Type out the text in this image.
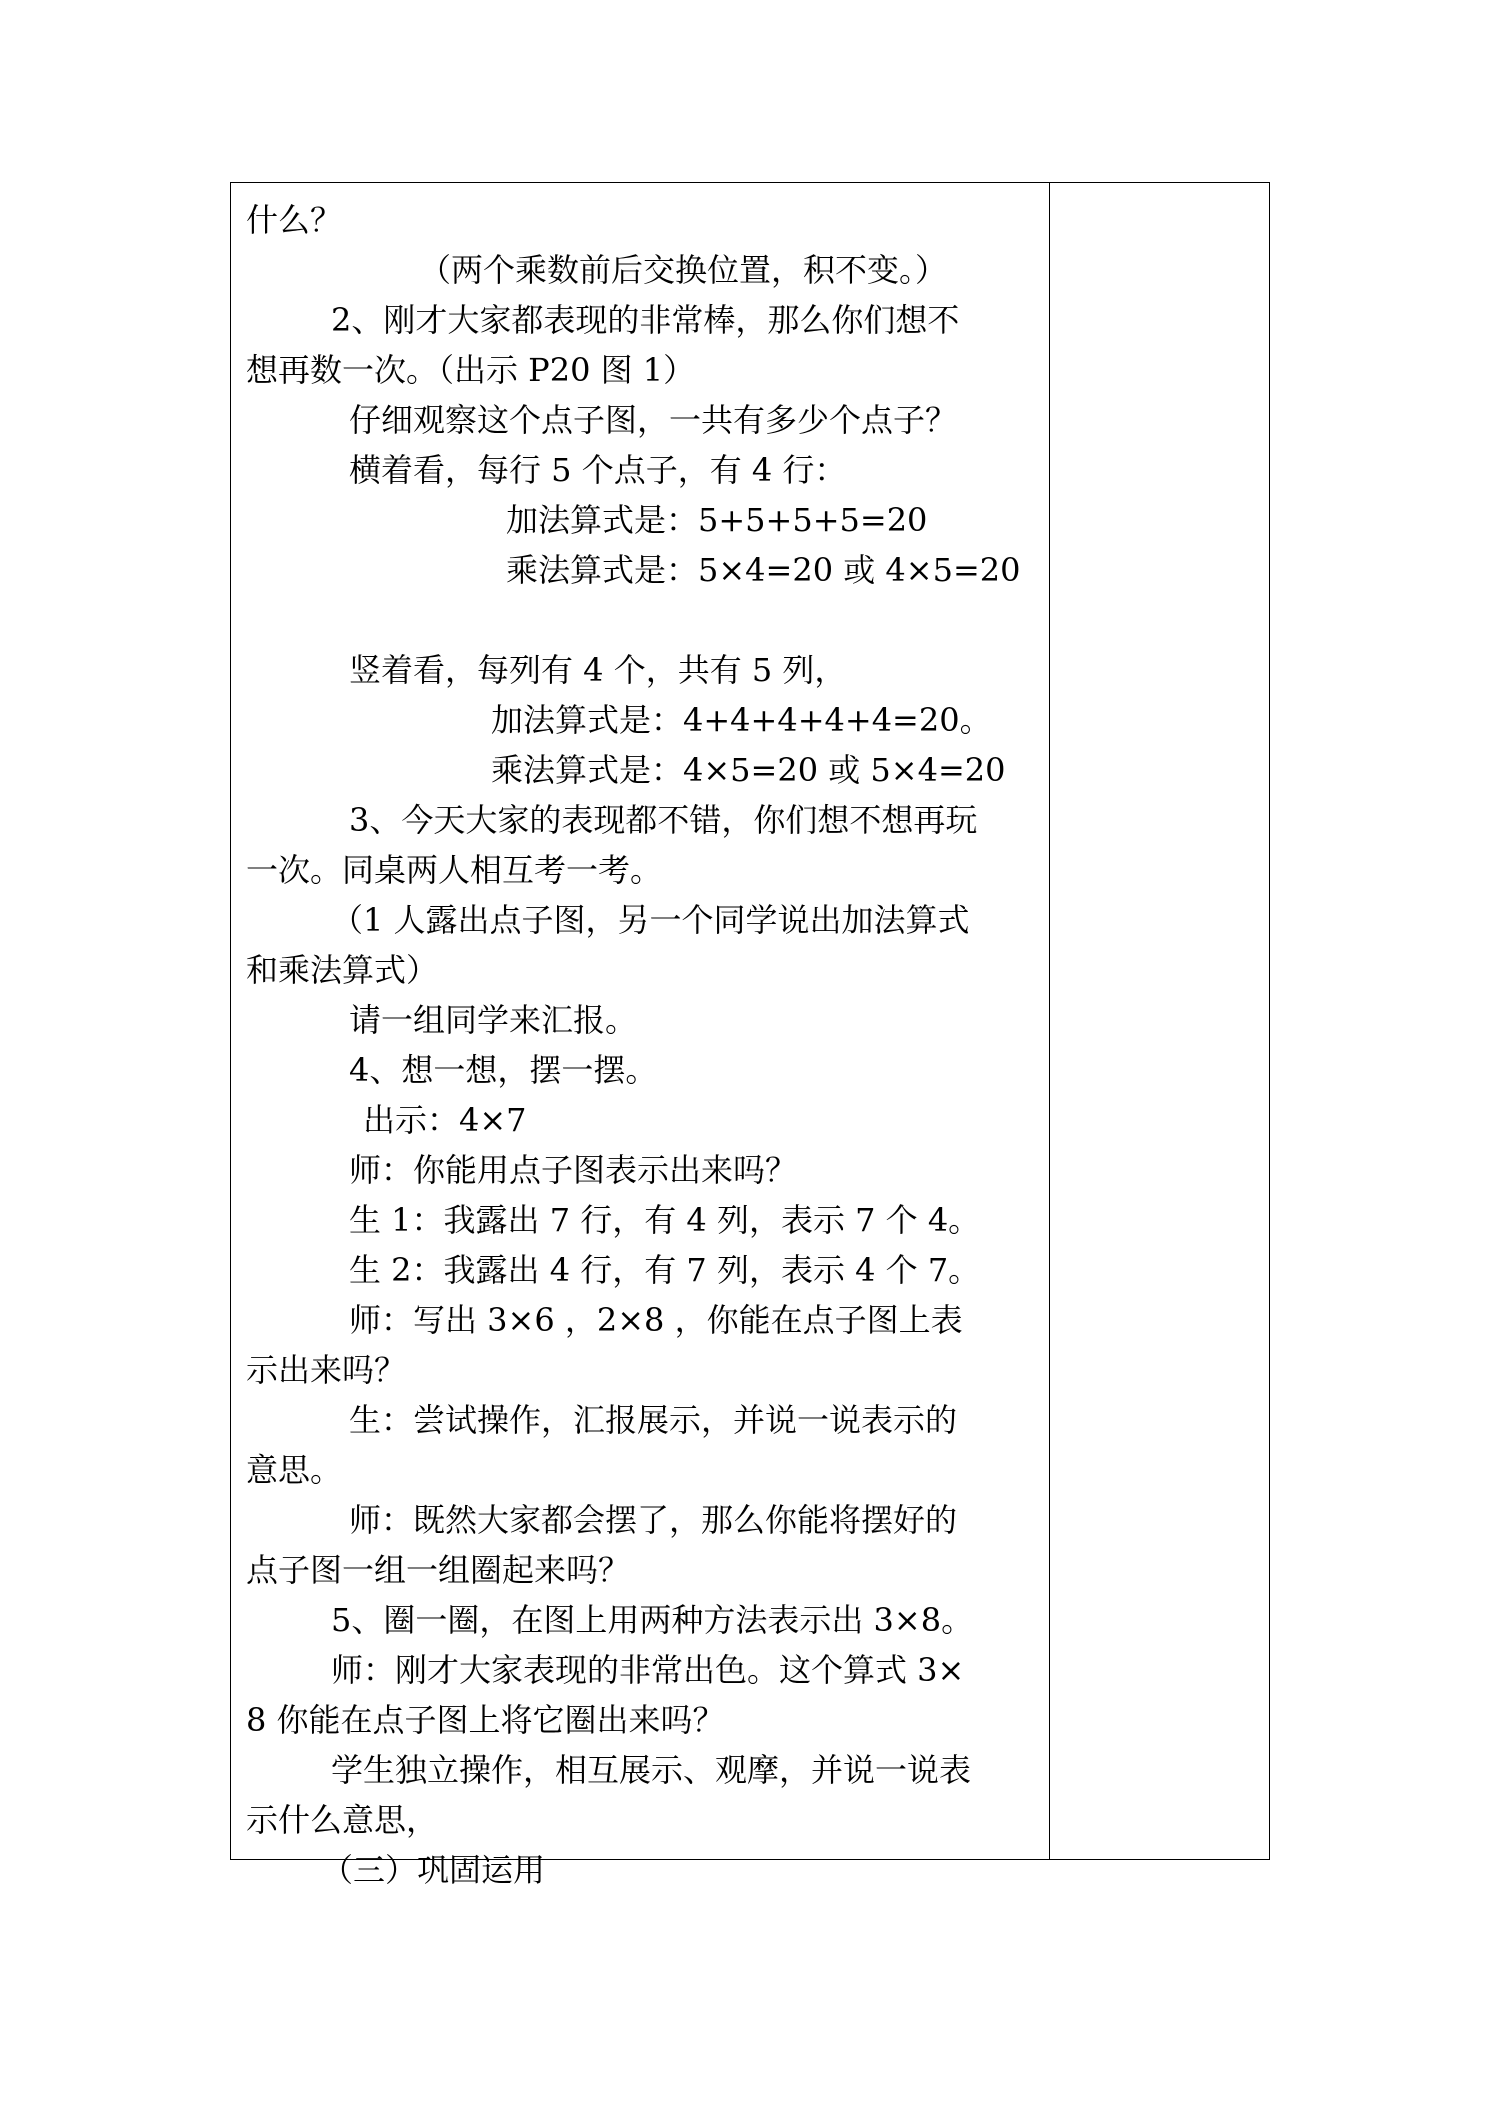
什么？
（两个乘数前后交换位置，积不变。）
2、刚才大家都表现的非常棒，那么你们想不
想再数一次。（出示 P20 图 1）
仔细观察这个点子图，一共有多少个点子？
横着看，每行 5 个点子，有 4 行：
加法算式是：5+5+5+5=20
乘法算式是：5×4=20 或 4×5=20
竖着看，每列有 4 个，共有 5 列，
加法算式是：4+4+4+4+4=20。
乘法算式是：4×5=20 或 5×4=20
3、今天大家的表现都不错，你们想不想再玩
一次。同桌两人相互考一考。
（1 人露出点子图，另一个同学说出加法算式
和乘法算式）
请一组同学来汇报。
4、想一想，摆一摆。
出示：4×7
师：你能用点子图表示出来吗？
生 1：我露出 7 行，有 4 列，表示 7 个 4。
生 2：我露出 4 行，有 7 列，表示 4 个 7。
师：写出 3×6 ，2×8 ，你能在点子图上表
示出来吗？
生：尝试操作，汇报展示，并说一说表示的
意思。
师：既然大家都会摆了，那么你能将摆好的
点子图一组一组圈起来吗？
5、圈一圈，在图上用两种方法表示出 3×8。
师：刚才大家表现的非常出色。这个算式 3×
8 你能在点子图上将它圈出来吗？
学生独立操作，相互展示、观摩，并说一说表
示什么意思，
（三）巩固运用
